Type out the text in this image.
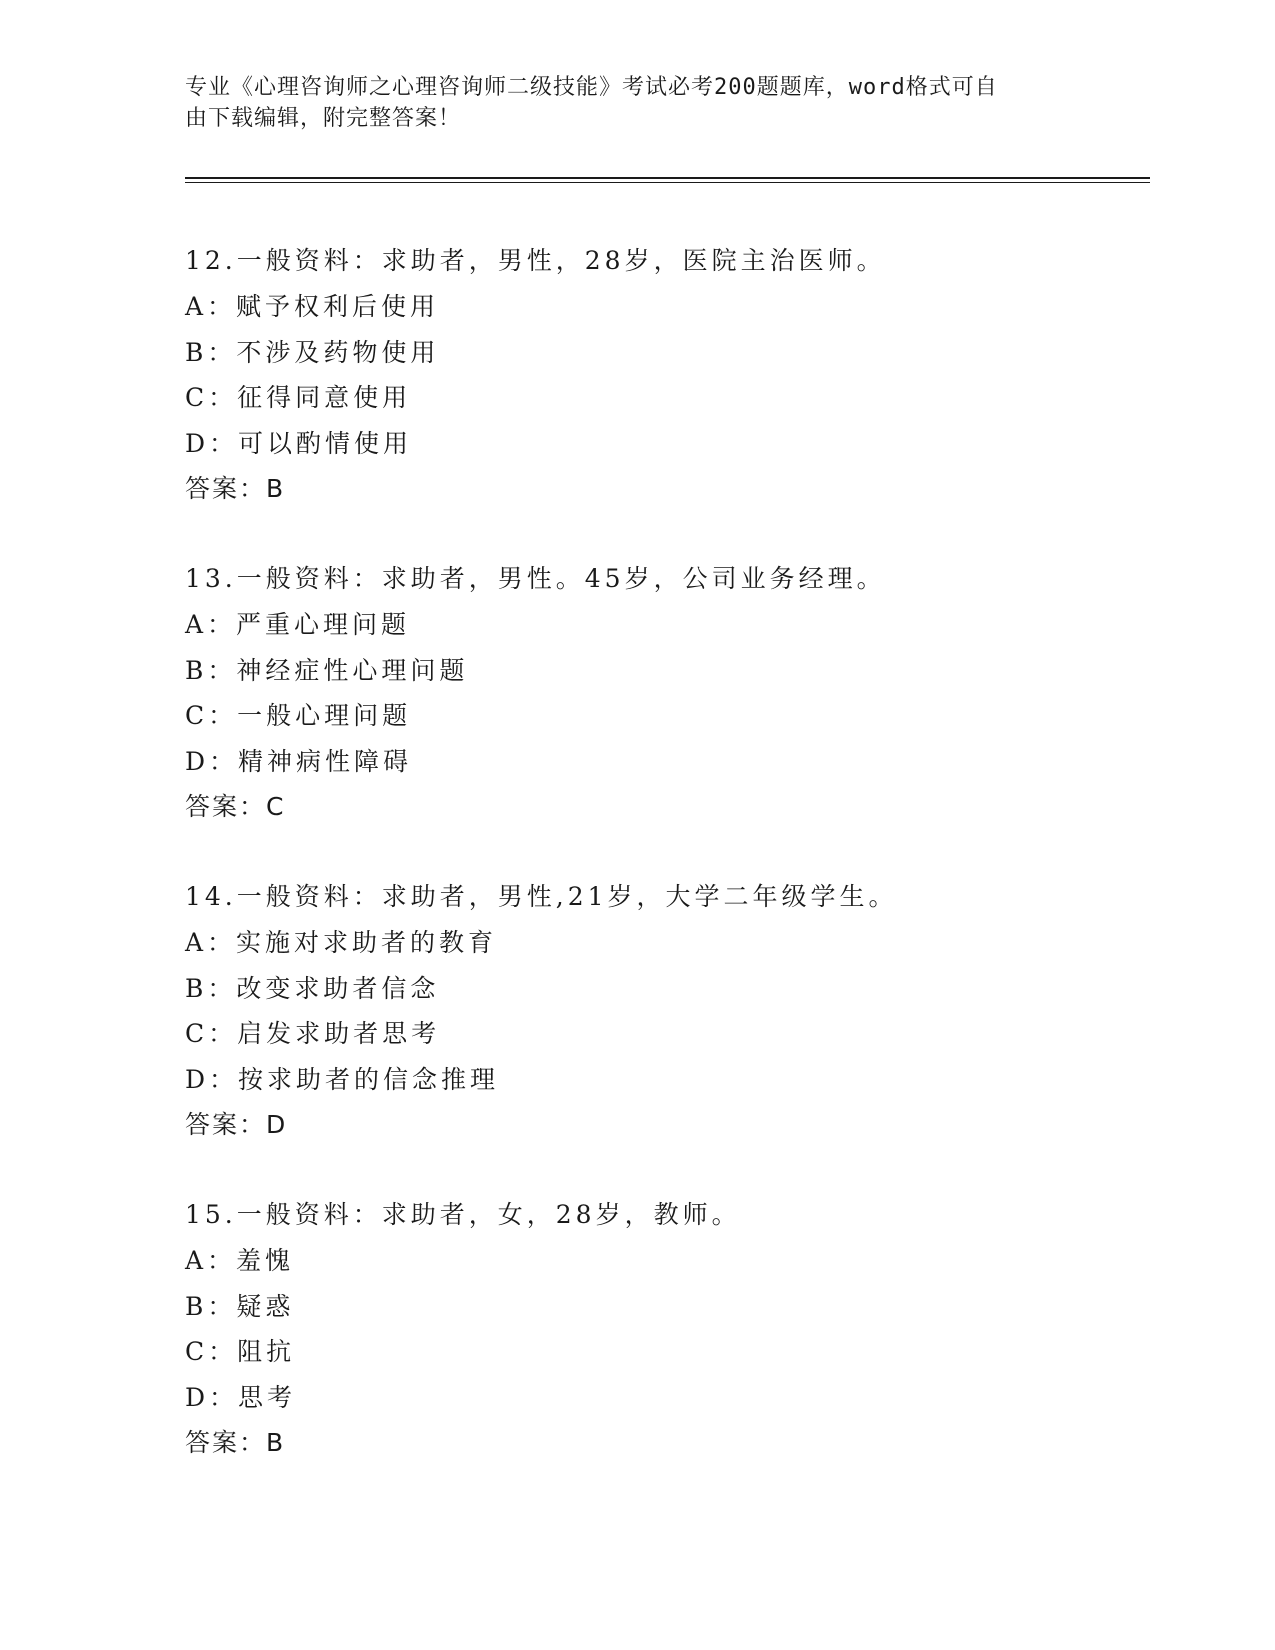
专业《心理咨询师之心理咨询师二级技能》考试必考200题题库，word格式可自
由下载编辑，附完整答案！
12.一般资料：求助者，男性，28岁，医院主治医师。
A：赋予权利后使用
B：不涉及药物使用
C：征得同意使用
D：可以酌情使用
答案：B
13.一般资料：求助者，男性。45岁，公司业务经理。
A：严重心理问题
B：神经症性心理问题
C：一般心理问题
D：精神病性障碍
答案：C
14.一般资料：求助者，男性,21岁，大学二年级学生。
A：实施对求助者的教育
B：改变求助者信念
C：启发求助者思考
D：按求助者的信念推理
答案：D
15.一般资料：求助者，女，28岁，教师。
A：羞愧
B：疑惑
C：阻抗
D：思考
答案：B
